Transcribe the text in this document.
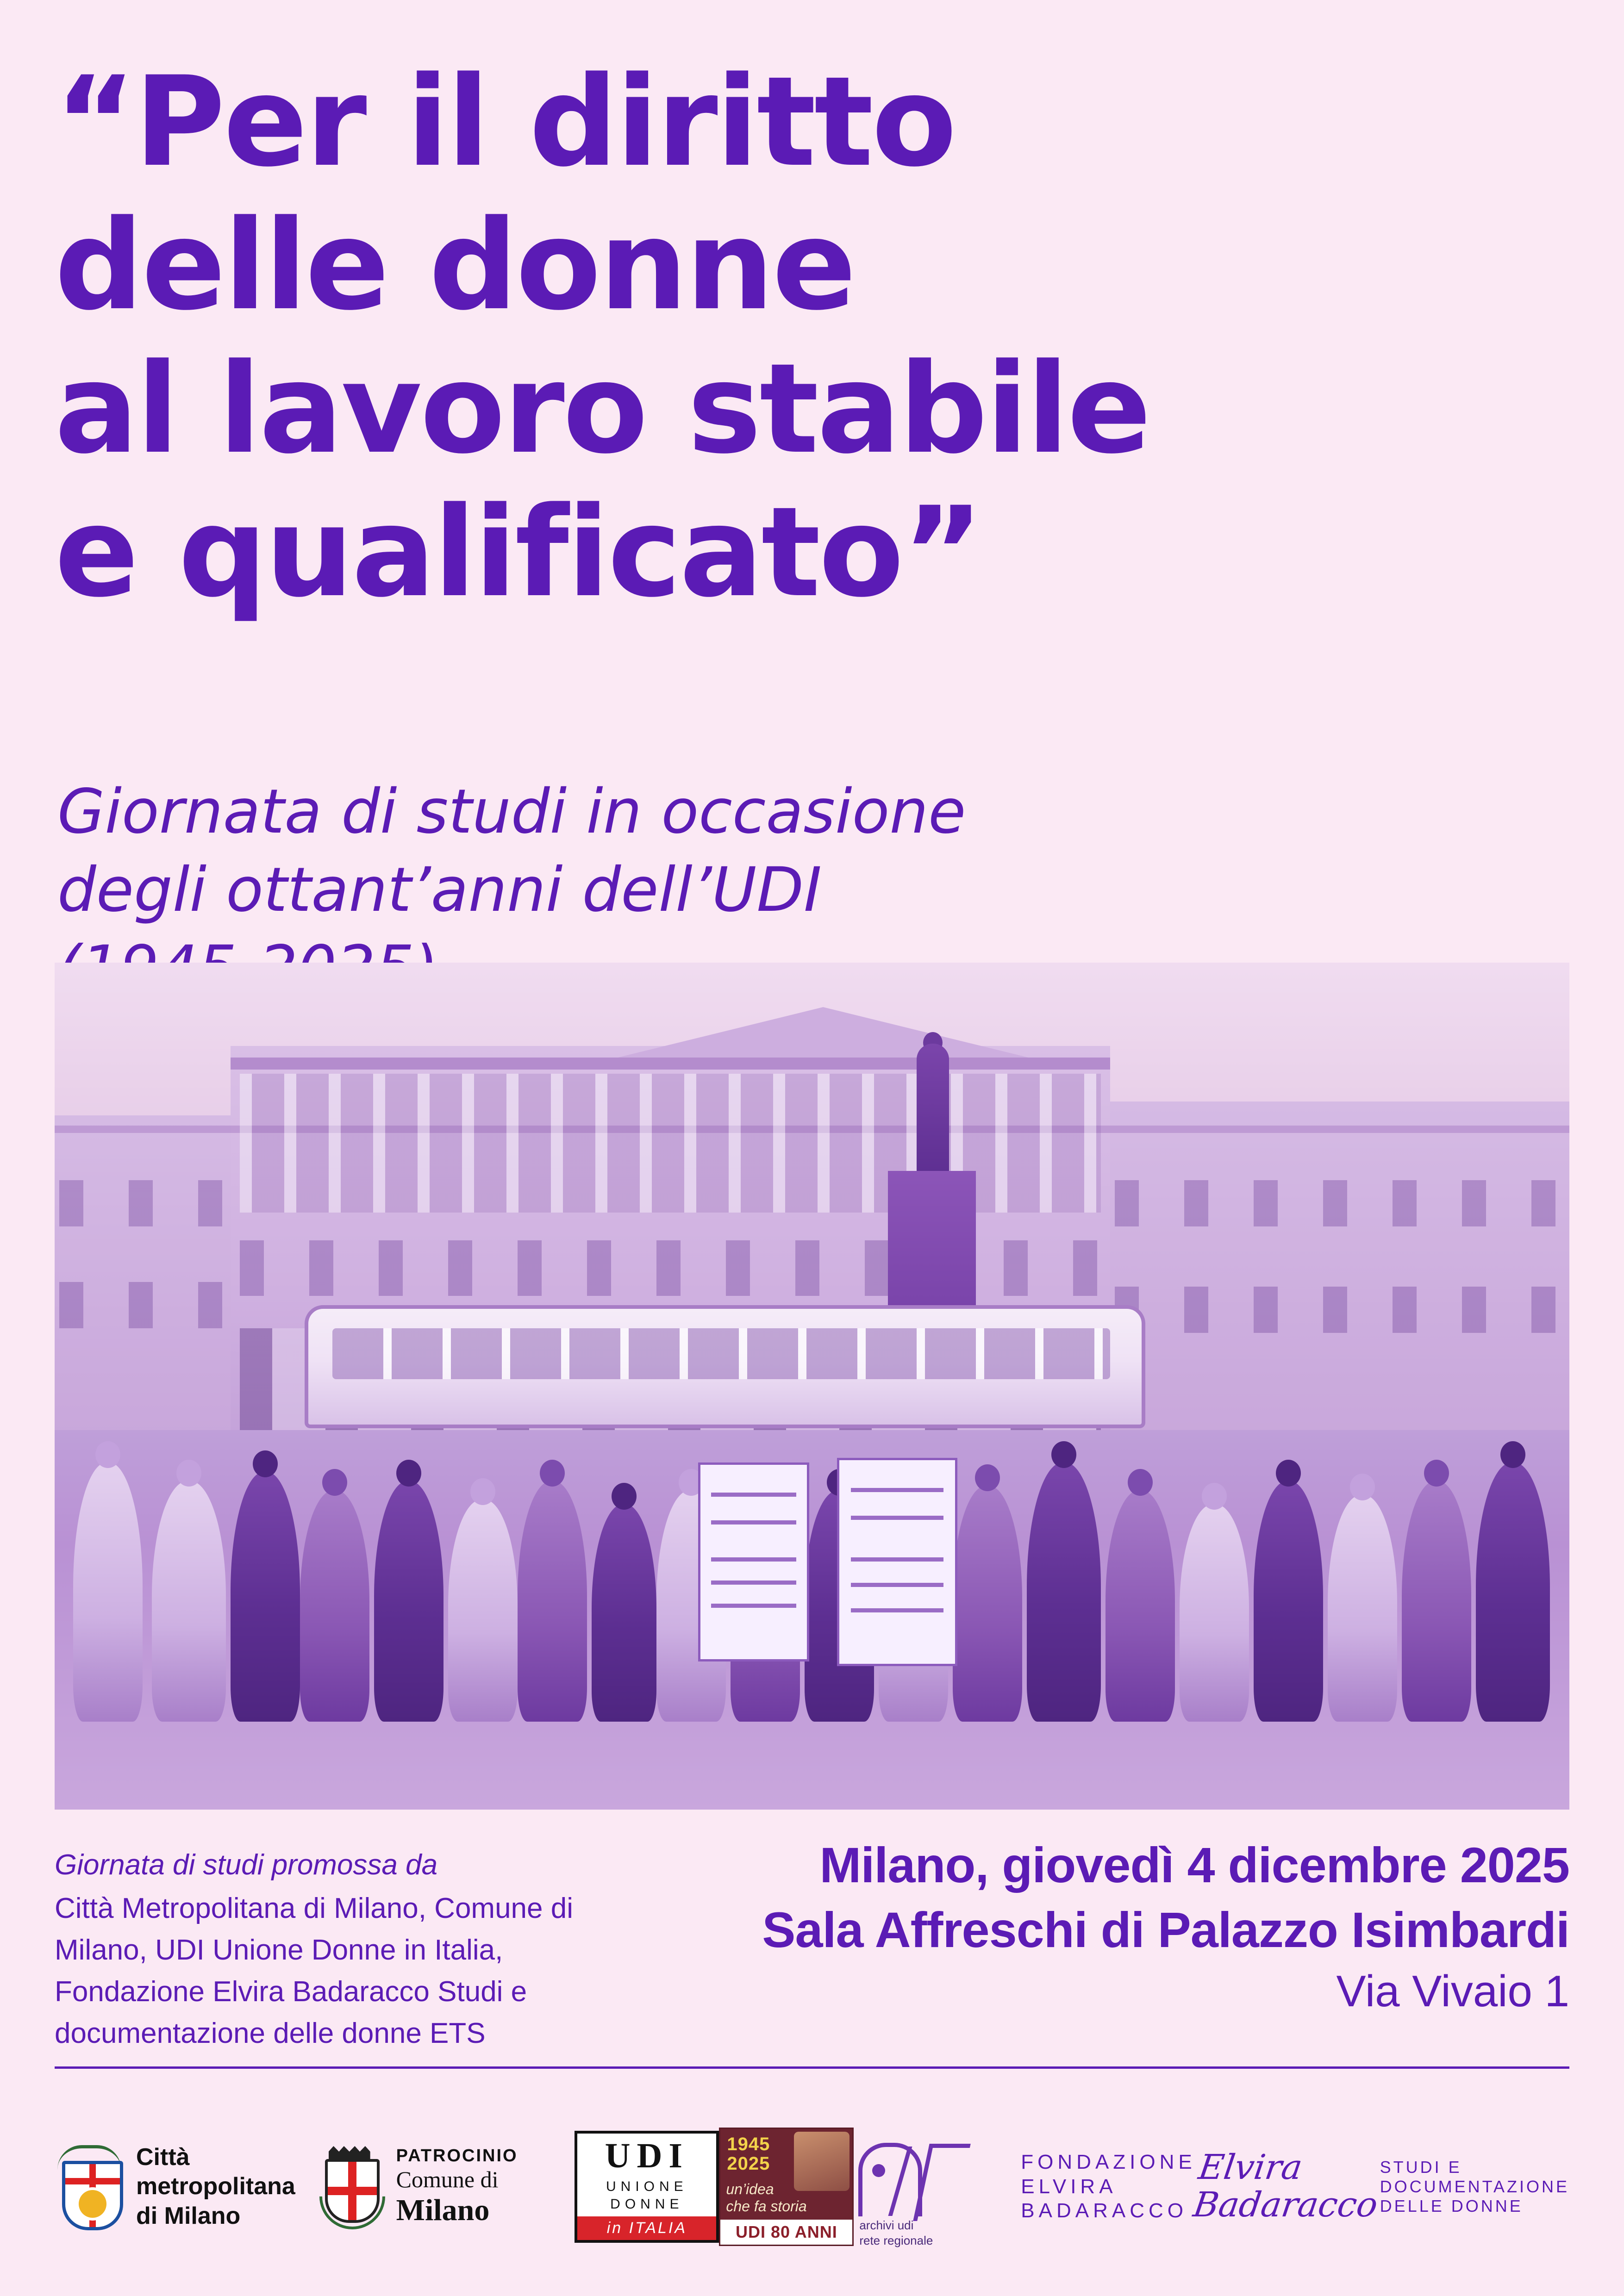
“Per il diritto
delle donne
al lavoro stabile
e qualificato”
Giornata di studi in occasione
degli ottant’anni dell’UDI
Giornata di studi promossa da
Città Metropolitana di Milano, Comune di Milano, UDI Unione Donne in Italia, Fondazione Elvira Badaracco Studi e documentazione delle donne ETS
Milano, giovedì 4 dicembre 2025
Sala Affreschi di Palazzo Isimbardi
Via Vivaio 1
Città
metropolitana
di Milano
PATROCINIO
Comune di
Milano
UDI
UNIONE DONNE
in ITALIA
1945
2025
un’idea
che fa storia
UDI 80 ANNI	archivi udi
rete regionale
FONDAZIONE ELVIRA BADARACCO
Elvira Badaracco
STUDI E DOCUMENTAZIONE DELLE DONNE
